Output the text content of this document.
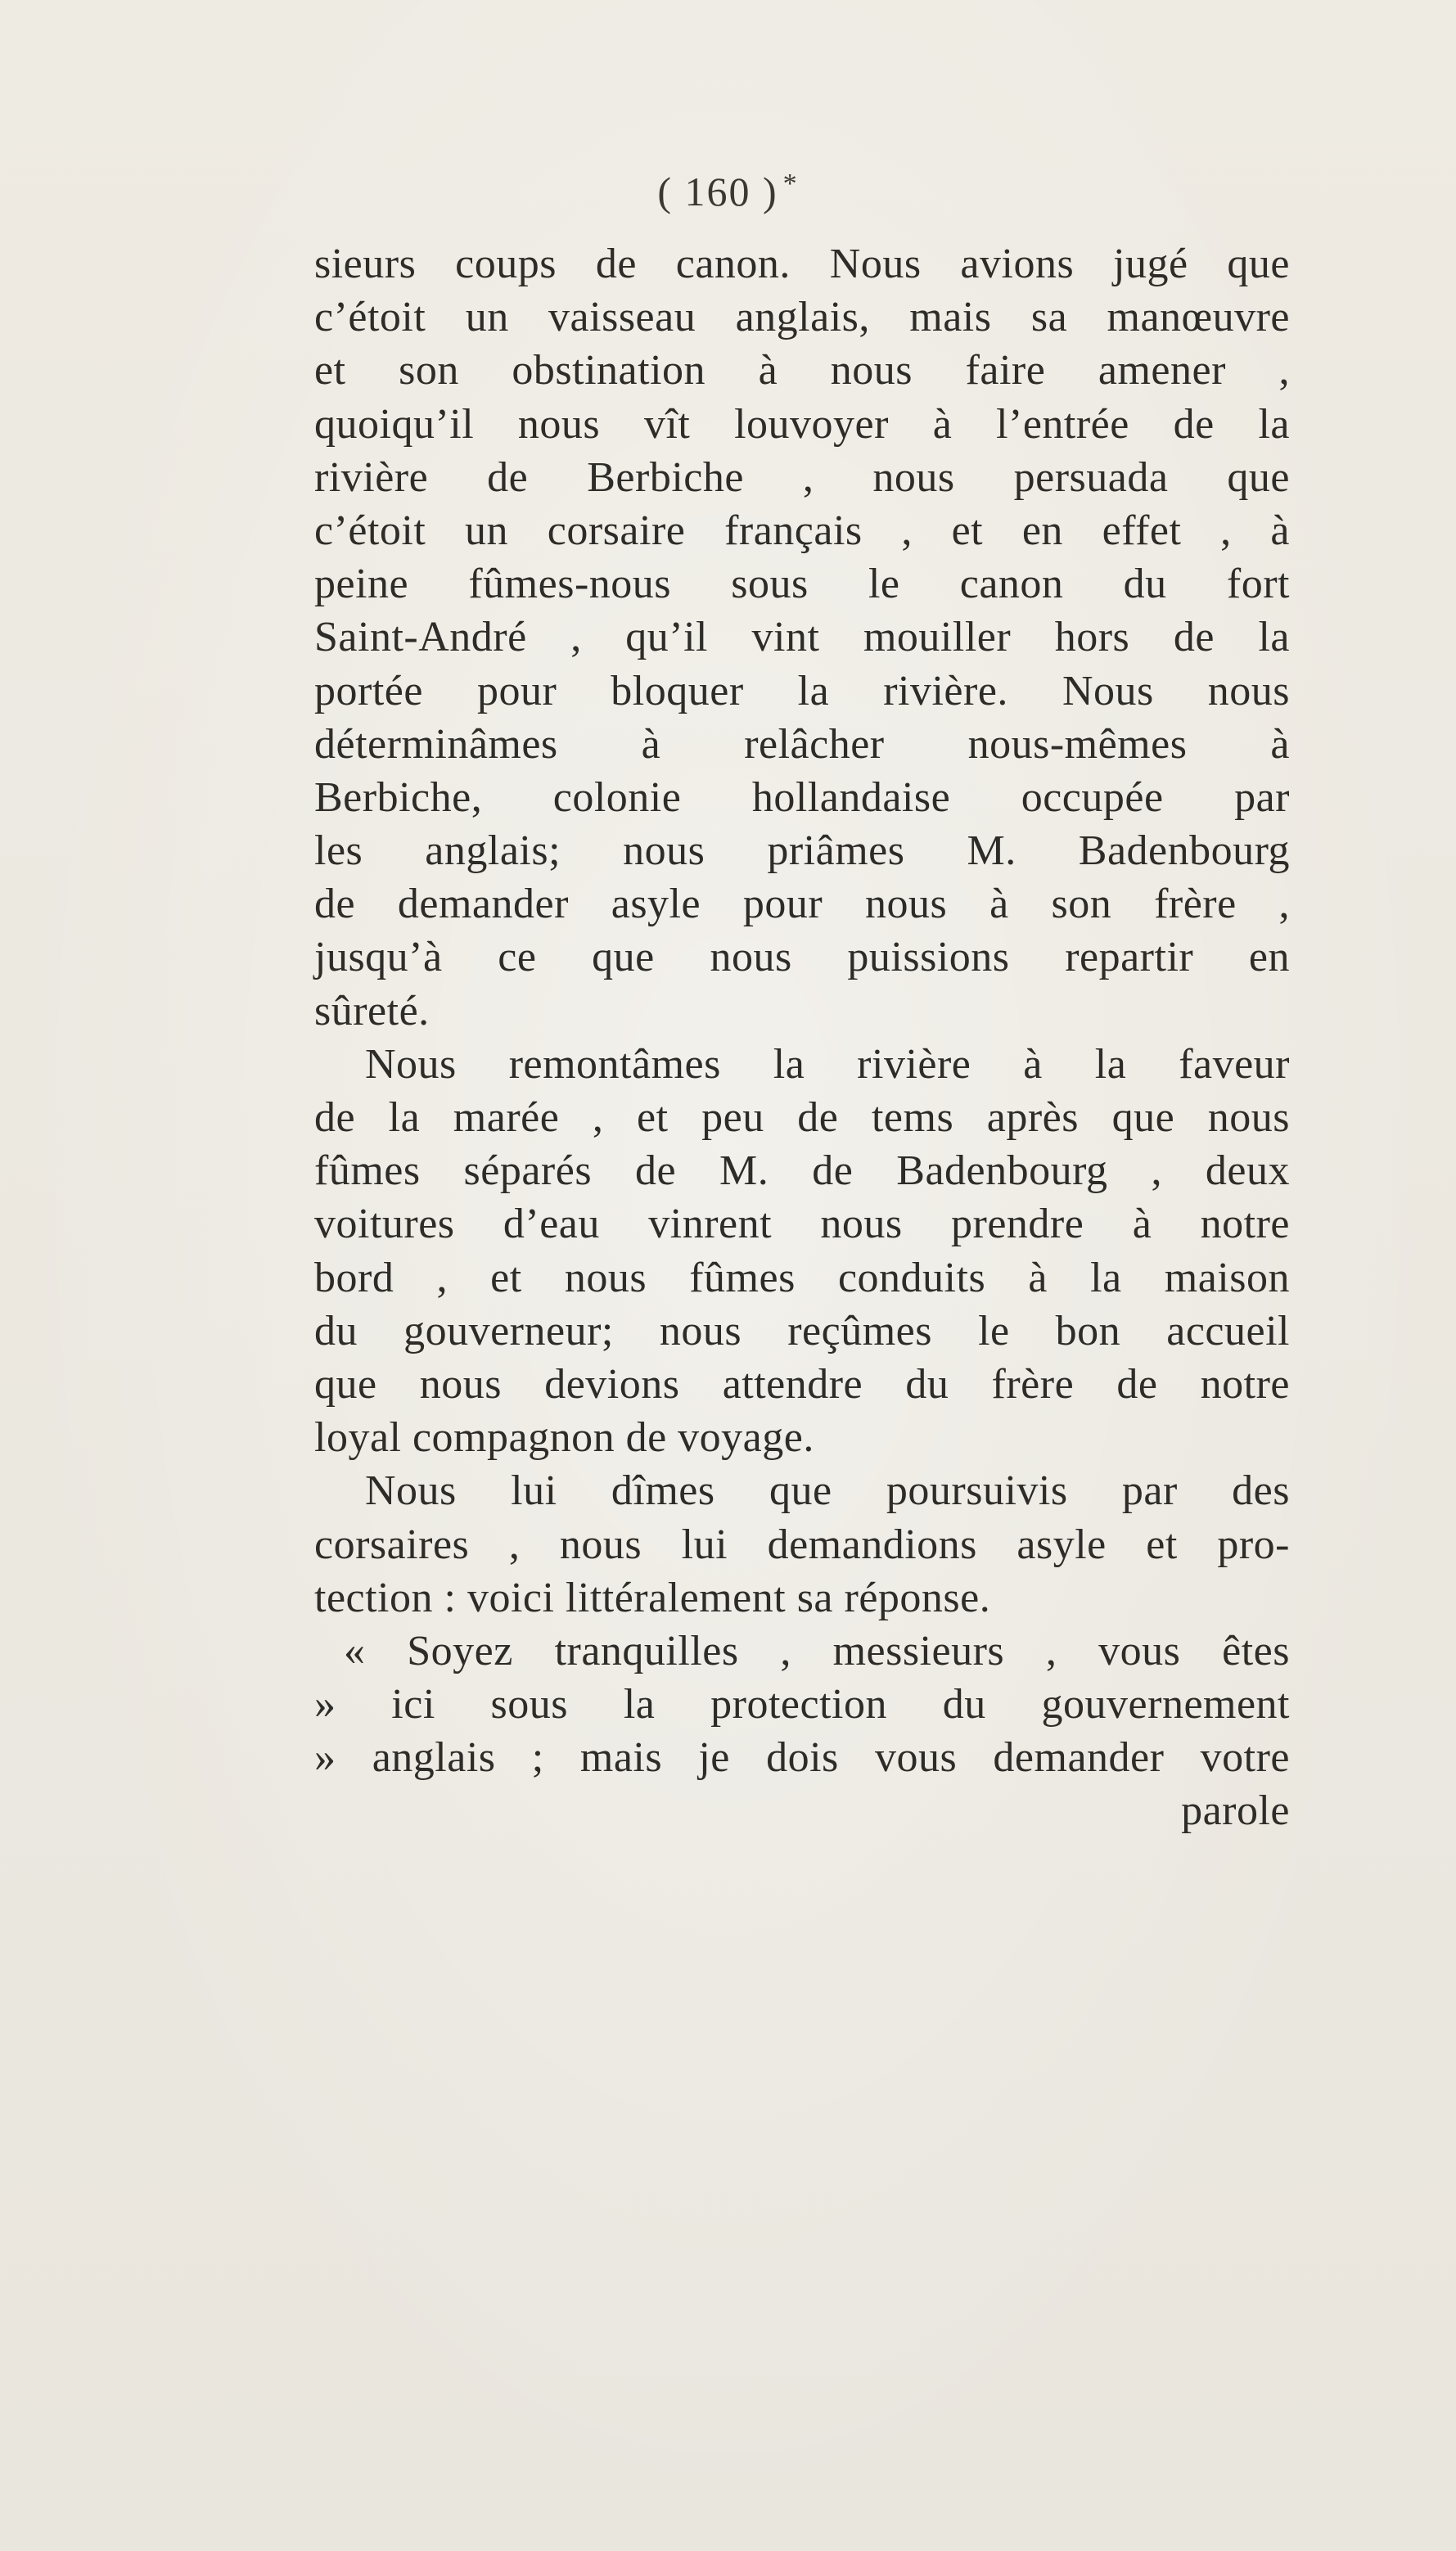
( 160 ) *
sieurs coups de canon. Nous avions jugé que
c’étoit un vaisseau anglais, mais sa manœuvre
et son obstination à nous faire amener ,
quoiqu’il nous vît louvoyer à l’entrée de la
rivière de Berbiche , nous persuada que
c’étoit un corsaire français , et en effet , à
peine fûmes-nous sous le canon du fort
Saint-André , qu’il vint mouiller hors de la
portée pour bloquer la rivière. Nous nous
déterminâmes à relâcher nous-mêmes à
Berbiche, colonie hollandaise occupée par
les anglais; nous priâmes M. Badenbourg
de demander asyle pour nous à son frère ,
jusqu’à ce que nous puissions repartir en
sûreté.
Nous remontâmes la rivière à la faveur
de la marée , et peu de tems après que nous
fûmes séparés de M. de Badenbourg , deux
voitures d’eau vinrent nous prendre à notre
bord , et nous fûmes conduits à la maison
du gouverneur; nous reçûmes le bon accueil
que nous devions attendre du frère de notre
loyal compagnon de voyage.
Nous lui dîmes que poursuivis par des
corsaires , nous lui demandions asyle et pro-
tection : voici littéralement sa réponse.
« Soyez tranquilles , messieurs , vous êtes
» ici sous la protection du gouvernement
» anglais ; mais je dois vous demander votre
parole
